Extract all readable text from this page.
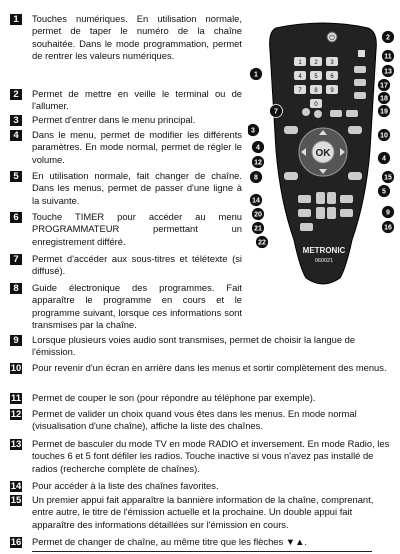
1	Touches numériques. En utilisation normale, permet de taper le numéro de la chaîne souhaitée. Dans le mode programmation, permet de rentrer les valeurs numériques.
2	Permet de mettre en veille le terminal ou de l'allumer.
3	Permet d'entrer dans le menu principal.
4	Dans le menu, permet de modifier les différents paramètres. En mode normal, permet de régler le volume.
5	En utilisation normale, fait changer de chaîne. Dans les menus, permet de passer d'une ligne à la suivante.
6	Touche TIMER pour accéder au menu PROGRAMMATEUR permettant un enregistrement différé.
7	Permet d'accéder aux sous-titres et télétexte (si diffusé).
8	Guide électronique des programmes. Fait apparaître le programme en cours et le programme suivant, lorsque ces informations sont transmises par la chaîne.
9	Lorsque plusieurs voies audio sont transmises, permet de choisir la langue de l'émission.
10 Pour revenir d'un écran en arrière dans les menus et sortir complètement des menus.
11 Permet de couper le son (pour répondre au téléphone par exemple).
12 Permet de valider un choix quand vous êtes dans les menus. En mode normal (visualisation d'une chaîne), affiche la liste des chaînes.
13 Permet de basculer du mode TV en mode RADIO et inversement. En mode Radio, les touches 6 et 5 font défiler les radios. Touche inactive si vous n'avez pas installé de radios (recherche complète de chaînes).
14 Pour accéder à la liste des chaînes favorites.
15 Un premier appui fait apparaître la bannière information de la chaîne, comprenant, entre autre, le titre de l'émission actuelle et la prochaine. Un double appui fait apparaître des informations détaillées sur l'émission en cours.
16 Permet de changer de chaîne, au même titre que les flèches ▼▲.
⏻
1 2 3
4 5 6
7 8 9
0
OK
METRONIC
060021
1
7
3
4
12
8
14
20
21
22
2
11
13
17
18
19
10
4
15
5
9
16
